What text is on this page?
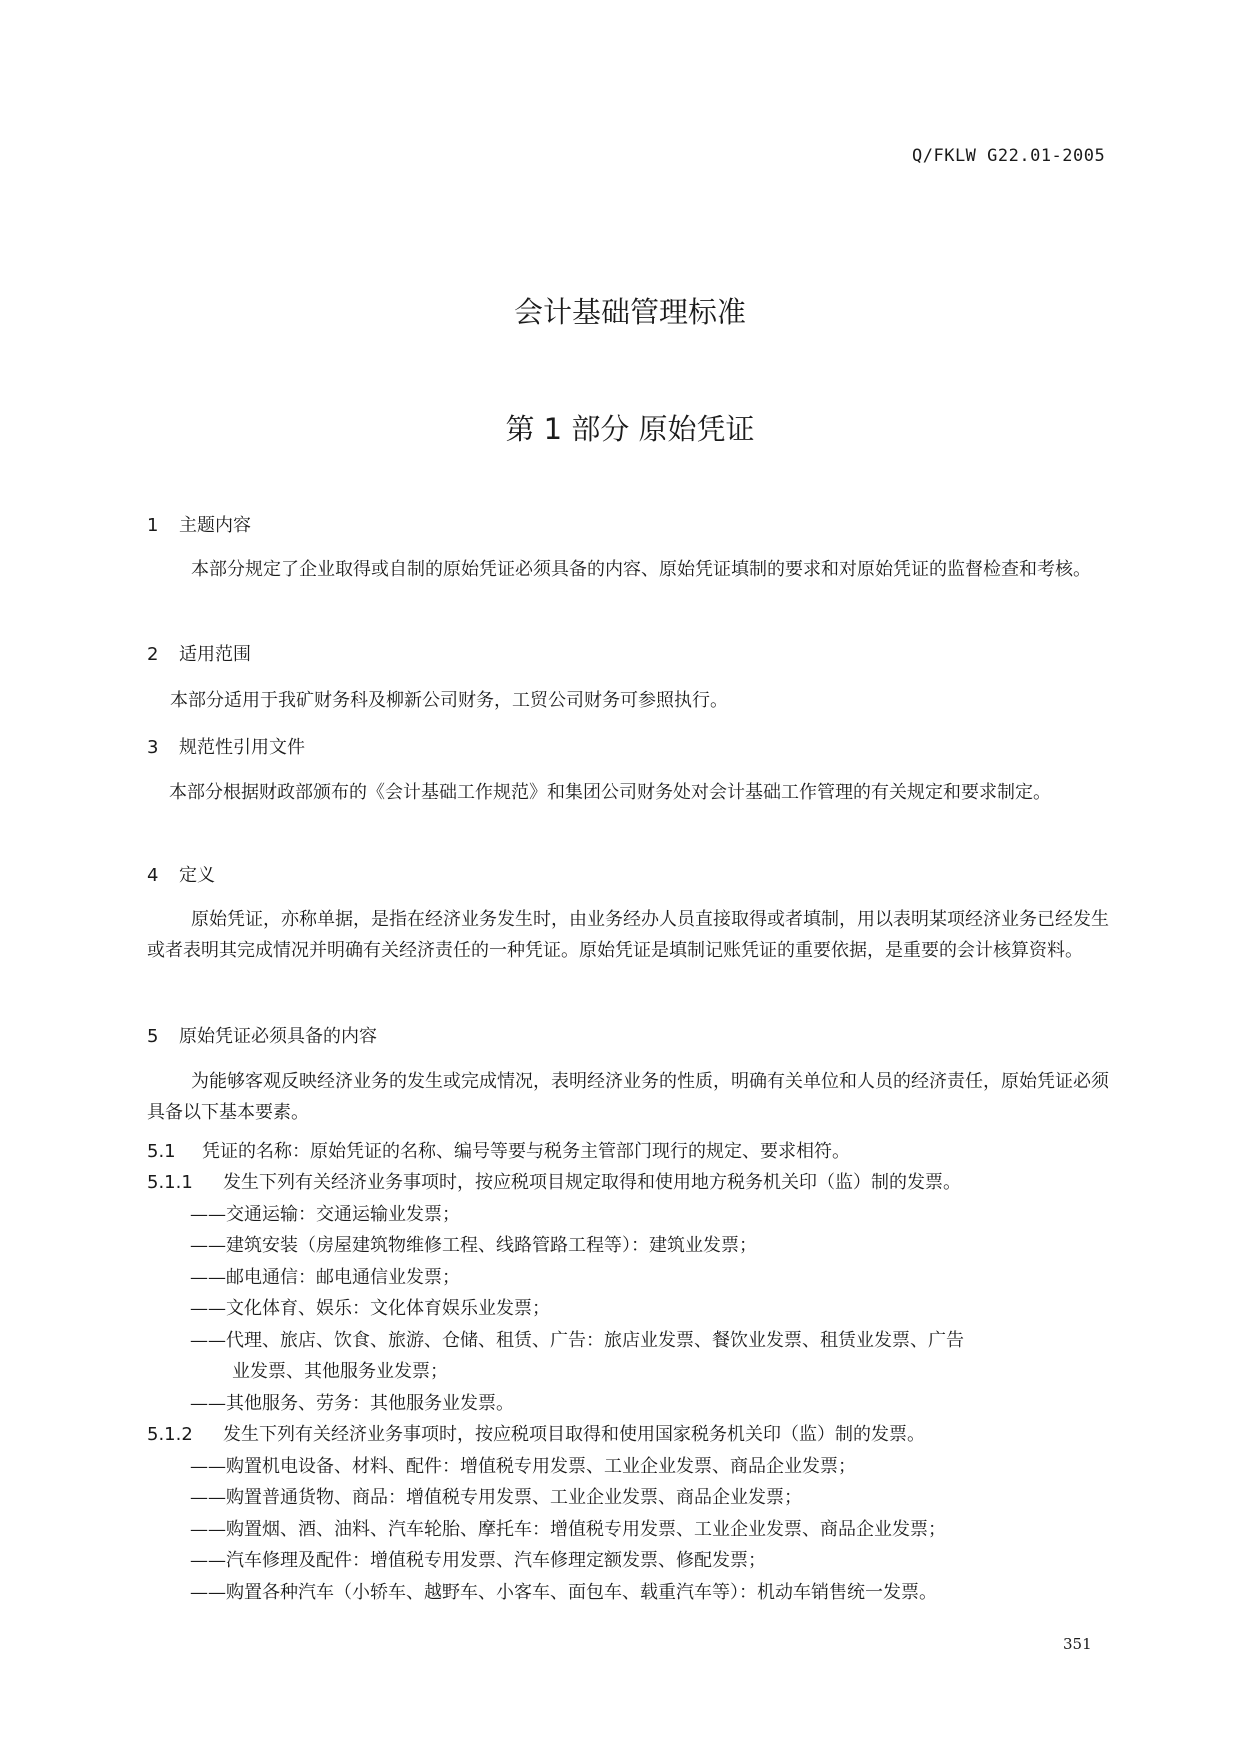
Q/FKLW G22.01-2005
会计基础管理标准
第 1 部分 原始凭证
1 主题内容
本部分规定了企业取得或自制的原始凭证必须具备的内容、原始凭证填制的要求和对原始凭证的监督检查和考核。
2 适用范围
本部分适用于我矿财务科及柳新公司财务，工贸公司财务可参照执行。
3 规范性引用文件
本部分根据财政部颁布的《会计基础工作规范》和集团公司财务处对会计基础工作管理的有关规定和要求制定。
4 定义
原始凭证，亦称单据，是指在经济业务发生时，由业务经办人员直接取得或者填制，用以表明某项经济业务已经发生或者表明其完成情况并明确有关经济责任的一种凭证。原始凭证是填制记账凭证的重要依据，是重要的会计核算资料。
5 原始凭证必须具备的内容
为能够客观反映经济业务的发生或完成情况，表明经济业务的性质，明确有关单位和人员的经济责任，原始凭证必须具备以下基本要素。
5.1 凭证的名称：原始凭证的名称、编号等要与税务主管部门现行的规定、要求相符。
5.1.1 发生下列有关经济业务事项时，按应税项目规定取得和使用地方税务机关印（监）制的发票。
——交通运输：交通运输业发票；
——建筑安装（房屋建筑物维修工程、线路管路工程等）：建筑业发票；
——邮电通信：邮电通信业发票；
——文化体育、娱乐：文化体育娱乐业发票；
——代理、旅店、饮食、旅游、仓储、租赁、广告：旅店业发票、餐饮业发票、租赁业发票、广告
业发票、其他服务业发票；
——其他服务、劳务：其他服务业发票。
5.1.2 发生下列有关经济业务事项时，按应税项目取得和使用国家税务机关印（监）制的发票。
——购置机电设备、材料、配件：增值税专用发票、工业企业发票、商品企业发票；
——购置普通货物、商品：增值税专用发票、工业企业发票、商品企业发票；
——购置烟、酒、油料、汽车轮胎、摩托车：增值税专用发票、工业企业发票、商品企业发票；
——汽车修理及配件：增值税专用发票、汽车修理定额发票、修配发票；
——购置各种汽车（小轿车、越野车、小客车、面包车、载重汽车等）：机动车销售统一发票。
351
